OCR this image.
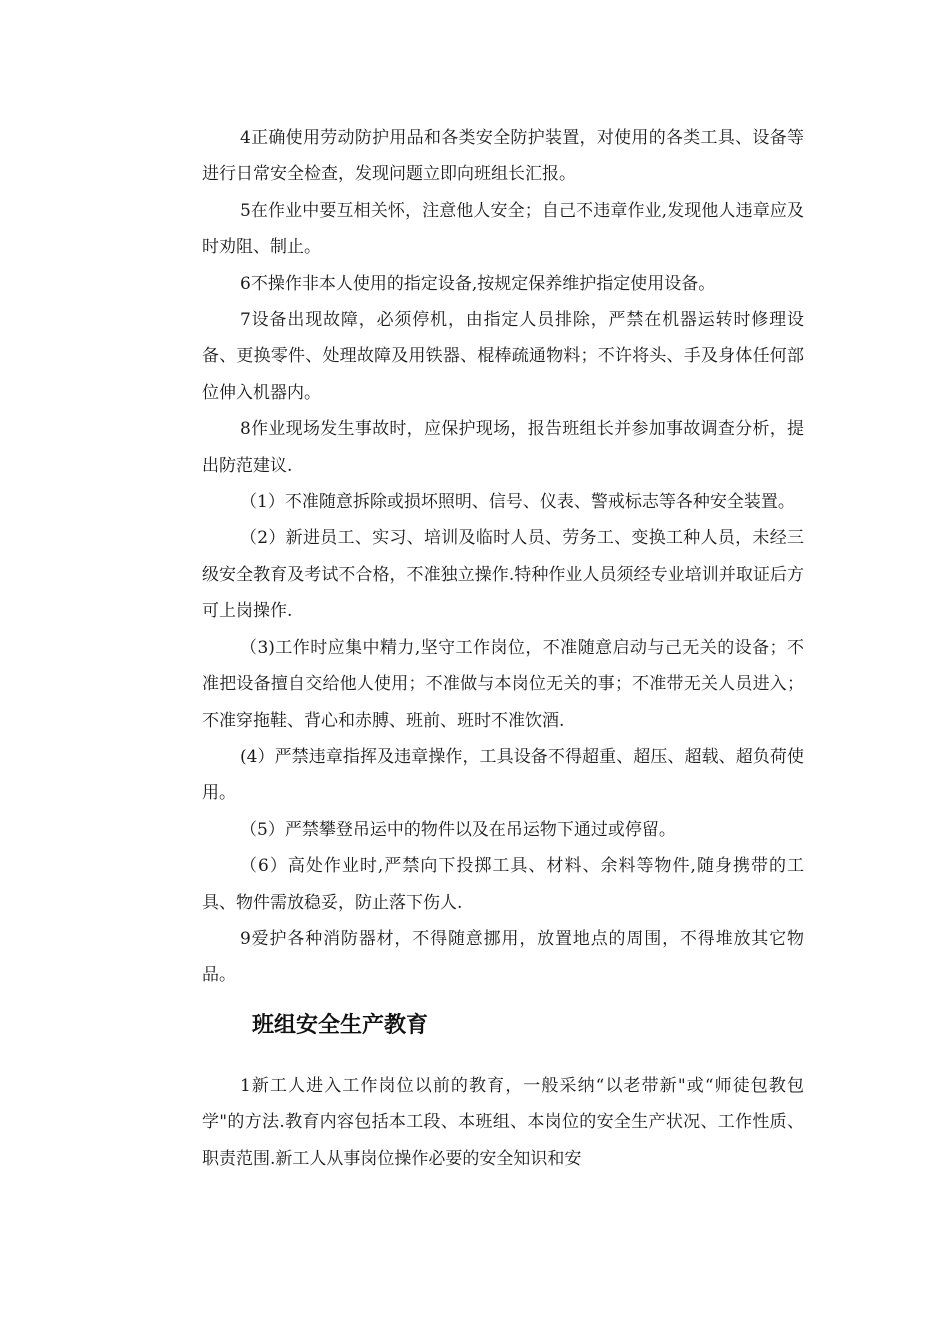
4正确使用劳动防护用品和各类安全防护装置，对使用的各类工具、设备等进行日常安全检查，发现问题立即向班组长汇报。

5在作业中要互相关怀，注意他人安全；自己不违章作业,发现他人违章应及时劝阻、制止。

6不操作非本人使用的指定设备,按规定保养维护指定使用设备。

7设备出现故障，必须停机，由指定人员排除，严禁在机器运转时修理设备、更换零件、处理故障及用铁器、棍棒疏通物料；不许将头、手及身体任何部位伸入机器内。

8作业现场发生事故时，应保护现场，报告班组长并参加事故调查分析，提出防范建议.

（1）不准随意拆除或损坏照明、信号、仪表、警戒标志等各种安全装置。

（2）新进员工、实习、培训及临时人员、劳务工、变换工种人员，未经三级安全教育及考试不合格，不准独立操作.特种作业人员须经专业培训并取证后方可上岗操作.

（3)工作时应集中精力,坚守工作岗位，不准随意启动与己无关的设备；不准把设备擅自交给他人使用；不准做与本岗位无关的事；不准带无关人员进入；不准穿拖鞋、背心和赤膊、班前、班时不准饮酒.

(4）严禁违章指挥及违章操作，工具设备不得超重、超压、超载、超负荷使用。

（5）严禁攀登吊运中的物件以及在吊运物下通过或停留。

（6）高处作业时,严禁向下投掷工具、材料、余料等物件,随身携带的工具、物件需放稳妥，防止落下伤人.

9爱护各种消防器材，不得随意挪用，放置地点的周围，不得堆放其它物品。

班组安全生产教育

1新工人进入工作岗位以前的教育，一般采纳“以老带新"或“师徒包教包学"的方法.教育内容包括本工段、本班组、本岗位的安全生产状况、工作性质、职责范围.新工人从事岗位操作必要的安全知识和安
